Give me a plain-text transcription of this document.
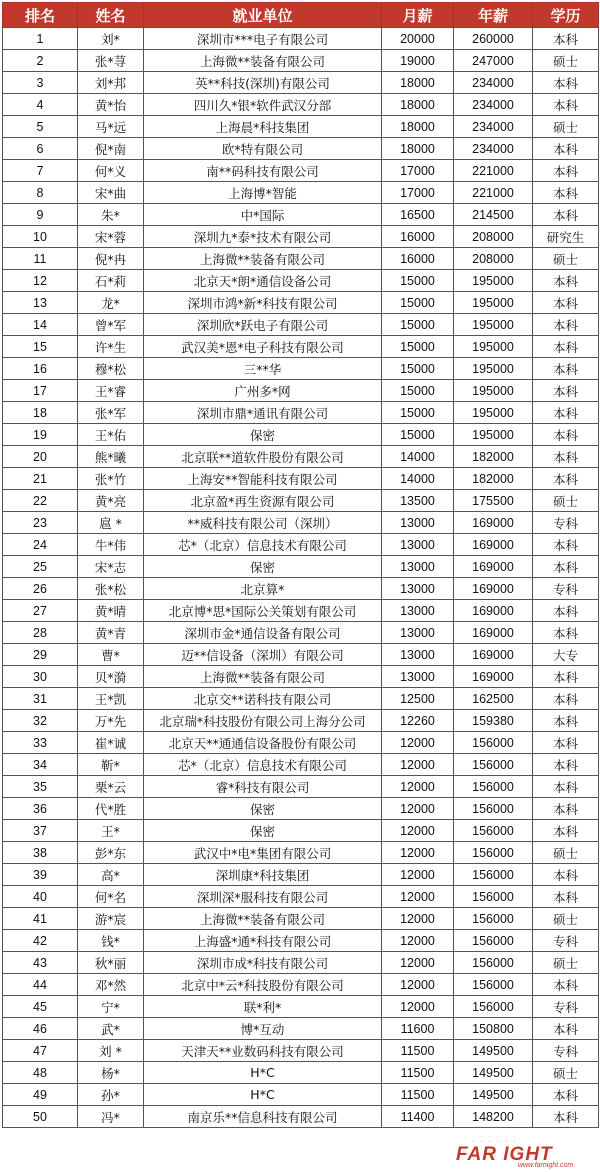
排名	姓名	就业单位	月薪	年薪	学历
1	刘*	深圳市***电子有限公司	20000	260000	本科
2	张*荨	上海微**装备有限公司	19000	247000	硕士
3	刘*邦	英**科技(深圳)有限公司	18000	234000	本科
4	黄*怡	四川久*银*软件武汉分部	18000	234000	本科
5	马*远	上海晨*科技集团	18000	234000	硕士
6	倪*南	欧*特有限公司	18000	234000	本科
7	何*义	南**码科技有限公司	17000	221000	本科
8	宋*曲	上海博*智能	17000	221000	本科
9	朱*	中*国际	16500	214500	本科
10	宋*蓉	深圳九*泰*技术有限公司	16000	208000	研究生
11	倪*冉	上海微**装备有限公司	16000	208000	硕士
12	石*莉	北京天*朗*通信设备公司	15000	195000	本科
13	龙*	深圳市鸿*新*科技有限公司	15000	195000	本科
14	曾*军	深圳欣*跃电子有限公司	15000	195000	本科
15	许*生	武汉美*恩*电子科技有限公司	15000	195000	本科
16	穆*松	三**华	15000	195000	本科
17	王*睿	广州多*网	15000	195000	本科
18	张*军	深圳市鼎*通讯有限公司	15000	195000	本科
19	王*佑	保密	15000	195000	本科
20	熊*曦	北京联**道软件股份有限公司	14000	182000	本科
21	张*竹	上海安**智能科技有限公司	14000	182000	本科
22	黄*亮	北京盈*再生资源有限公司	13500	175500	硕士
23	扈 *	**威科技有限公司（深圳）	13000	169000	专科
24	牛*伟	芯*（北京）信息技术有限公司	13000	169000	本科
25	宋*志	保密	13000	169000	本科
26	张*松	北京算*	13000	169000	专科
27	黄*晴	北京博*思*国际公关策划有限公司	13000	169000	本科
28	黄*青	深圳市金*通信设备有限公司	13000	169000	本科
29	曹*	迈**信设备（深圳）有限公司	13000	169000	大专
30	贝*漪	上海微**装备有限公司	13000	169000	本科
31	王*凯	北京交**诺科技有限公司	12500	162500	本科
32	万*先	北京瑞*科技股份有限公司上海分公司	12260	159380	本科
33	崔*诚	北京天**通通信设备股份有限公司	12000	156000	本科
34	靳*	芯*（北京）信息技术有限公司	12000	156000	本科
35	栗*云	睿*科技有限公司	12000	156000	本科
36	代*胜	保密	12000	156000	本科
37	王*	保密	12000	156000	本科
38	彭*东	武汉中*电*集团有限公司	12000	156000	硕士
39	高*	深圳康*科技集团	12000	156000	本科
40	何*名	深圳深*服科技有限公司	12000	156000	本科
41	游*宸	上海微**装备有限公司	12000	156000	硕士
42	钱*	上海盛*通*科技有限公司	12000	156000	专科
43	秋*丽	深圳市成*科技有限公司	12000	156000	硕士
44	邓*然	北京中*云*科技股份有限公司	12000	156000	本科
45	宁*	联*利*	12000	156000	专科
46	武*	博*互动	11600	150800	本科
47	刘 *	天津天**业数码科技有限公司	11500	149500	专科
48	杨*	H*C	11500	149500	硕士
49	孙*	H*C	11500	149500	本科
50	冯*	南京乐**信息科技有限公司	11400	148200	本科
· · · · · ·
FAR IGHT
www.farnight.com
